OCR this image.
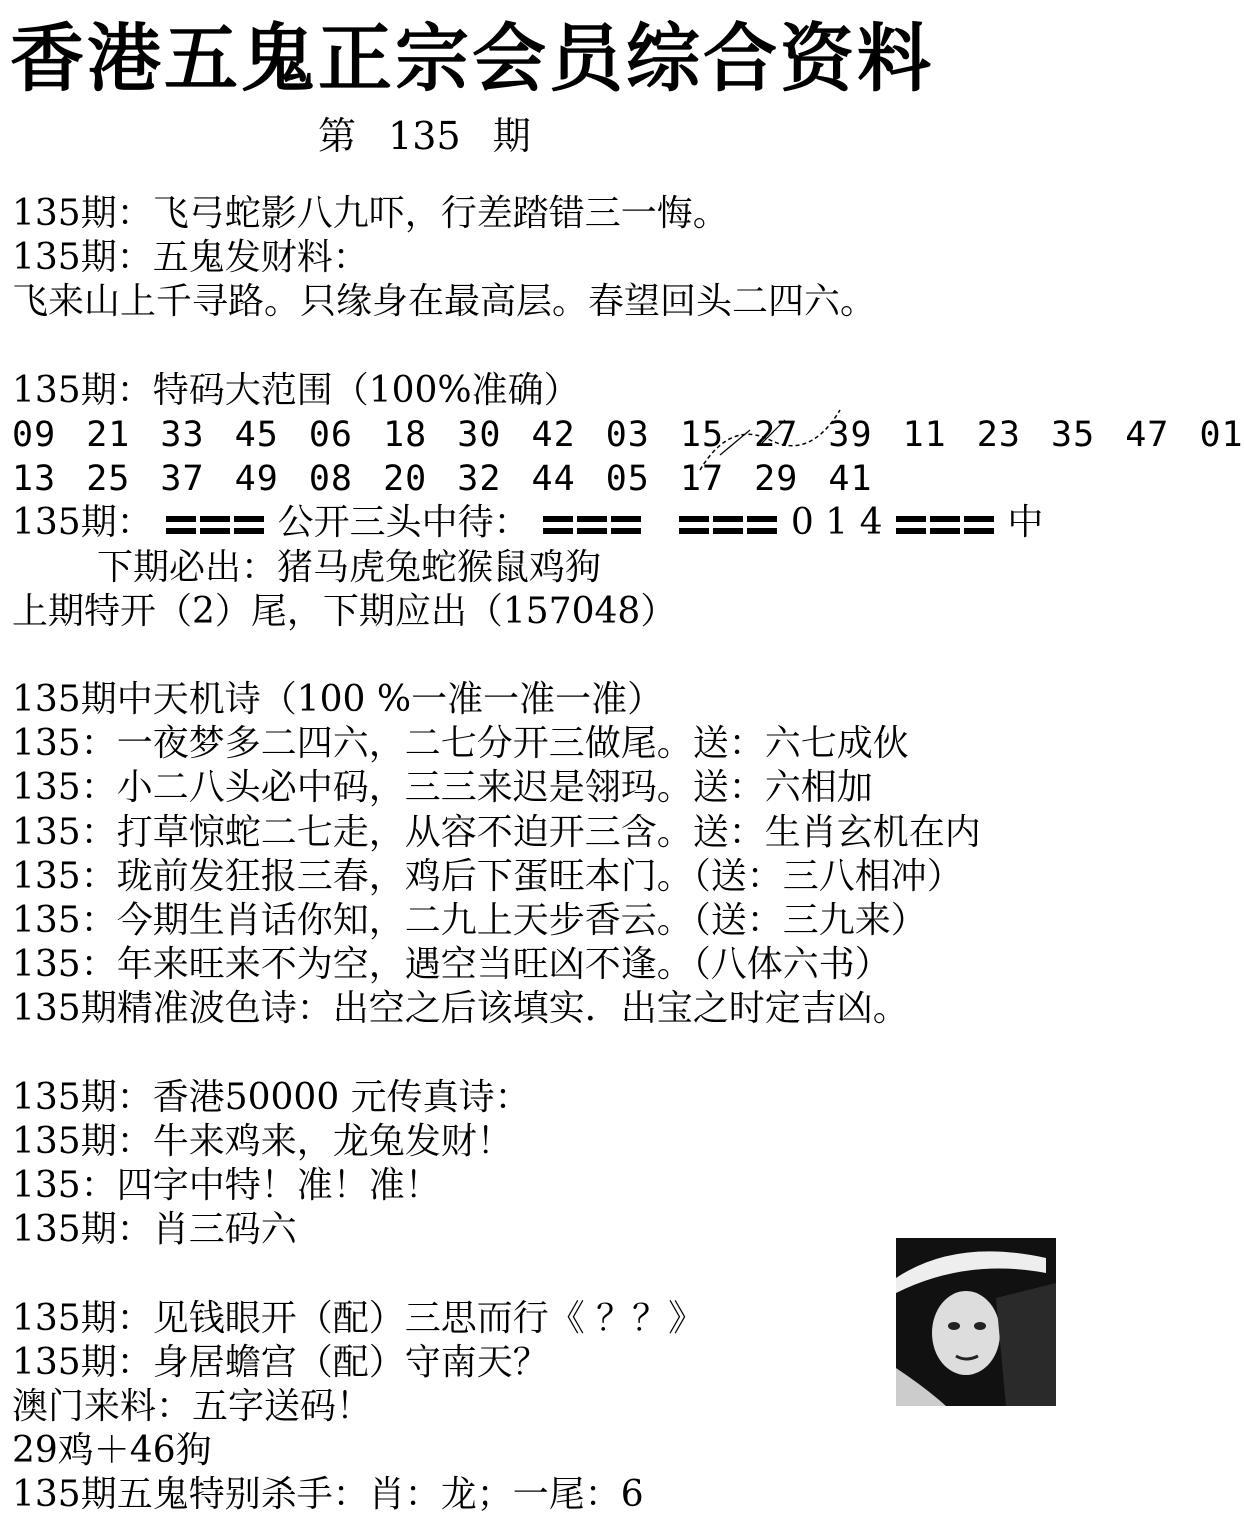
香港五鬼正宗会员综合资料
第 135 期
135期：飞弓蛇影八九吓，行差踏错三一悔。
135期：五鬼发财料：
飞来山上千寻路。只缘身在最高层。春望回头二四六。
135期：特码大范围（100%准确）
09 21 33 45 06 18 30 42 03 15 27 39 11 23 35 47 01
13 25 37 49 08 20 32 44 05 17 29 41
135期：	公开三头中待：	0 1 4	中
下期必出：猪马虎兔蛇猴鼠鸡狗
上期特开（2）尾，下期应出（157048）
135期中天机诗（100 %一准一准一准）
135：一夜梦多二四六，二七分开三做尾。送：六七成伙
135：小二八头必中码，三三来迟是翎玛。送：六相加
135：打草惊蛇二七走，从容不迫开三含。送：生肖玄机在内
135：珑前发狂报三春，鸡后下蛋旺本门。（送：三八相冲）
135：今期生肖话你知，二九上天步香云。（送：三九来）
135：年来旺来不为空，遇空当旺凶不逢。（八体六书）
135期精准波色诗：出空之后该填实．出宝之时定吉凶。
135期：香港50000 元传真诗：
135期：牛来鸡来，龙兔发财！
135：四字中特！准！准！
135期：肖三码六
135期：见钱眼开（配）三思而行《 ？？》
135期：身居蟾宫（配）守南天？
澳门来料：五字送码！
29鸡＋46狗
135期五鬼特别杀手：肖：龙；一尾：6
